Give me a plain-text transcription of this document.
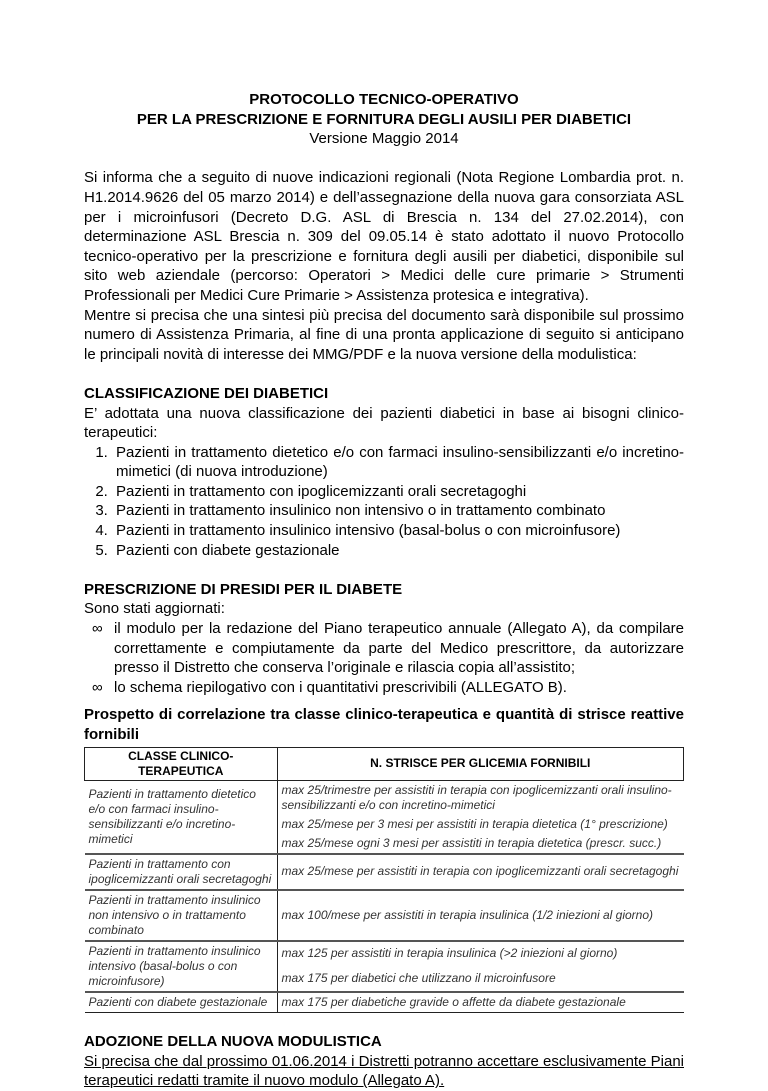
PROTOCOLLO TECNICO-OPERATIVO
PER LA PRESCRIZIONE E FORNITURA DEGLI AUSILI PER DIABETICI
Versione Maggio 2014

Si informa che a seguito di nuove indicazioni regionali (Nota Regione Lombardia prot. n. H1.2014.9626 del 05 marzo 2014) e dell’assegnazione della nuova gara consorziata ASL per i microinfusori (Decreto D.G. ASL di Brescia n. 134 del 27.02.2014), con determinazione ASL Brescia n. 309 del 09.05.14 è stato adottato il nuovo Protocollo tecnico-operativo per la prescrizione e fornitura degli ausili per diabetici, disponibile sul sito web aziendale (percorso: Operatori > Medici delle cure primarie > Strumenti Professionali per Medici Cure Primarie > Assistenza protesica e integrativa).

Mentre si precisa che una sintesi più precisa del documento sarà disponibile sul prossimo numero di Assistenza Primaria, al fine di una pronta applicazione di seguito si anticipano le principali novità di interesse dei MMG/PDF e la nuova versione della modulistica:

CLASSIFICAZIONE DEI DIABETICI

E’ adottata una nuova classificazione dei pazienti diabetici in base ai bisogni clinico-terapeutici:

1. Pazienti in trattamento dietetico e/o con farmaci insulino-sensibilizzanti e/o incretino-mimetici (di nuova introduzione)
2. Pazienti in trattamento con ipoglicemizzanti orali secretagoghi
3. Pazienti in trattamento insulinico non intensivo o in trattamento combinato
4. Pazienti in trattamento insulinico intensivo (basal-bolus o con microinfusore)
5. Pazienti con diabete gestazionale
PRESCRIZIONE DI PRESIDI PER IL DIABETE

Sono stati aggiornati:

∞ il modulo per la redazione del Piano terapeutico annuale (Allegato A), da compilare correttamente e compiutamente da parte del Medico prescrittore, da autorizzare presso il Distretto che conserva l’originale e rilascia copia all’assistito;
∞ lo schema riepilogativo con i quantitativi prescrivibili (ALLEGATO B).

Prospetto di correlazione tra classe clinico-terapeutica e quantità di strisce reattive fornibili

CLASSE CLINICO-TERAPEUTICA	N. STRISCE PER GLICEMIA FORNIBILI
Pazienti in trattamento dietetico e/o con farmaci insulino-sensibilizzanti e/o incretino-mimetici	max 25/trimestre per assistiti in terapia con ipoglicemizzanti orali insulino-sensibilizzanti e/o con incretino-mimetici
	max 25/mese per 3 mesi per assistiti in terapia dietetica (1° prescrizione)
	max 25/mese ogni 3 mesi per assistiti in terapia dietetica (prescr. succ.)
Pazienti in trattamento con ipoglicemizzanti orali secretagoghi	max 25/mese per assistiti in terapia con ipoglicemizzanti orali secretagoghi
Pazienti in trattamento insulinico non intensivo o in trattamento combinato	max 100/mese per assistiti in terapia insulinica (1/2 iniezioni al giorno)
Pazienti in trattamento insulinico intensivo (basal-bolus o con microinfusore)	max 125 per assistiti in terapia insulinica (>2 iniezioni al giorno)
	max 175 per diabetici che utilizzano il microinfusore
Pazienti con diabete gestazionale	max 175 per diabetiche gravide o affette da diabete gestazionale
ADOZIONE DELLA NUOVA MODULISTICA

Si precisa che dal prossimo 01.06.2014 i Distretti potranno accettare esclusivamente Piani terapeutici redatti tramite il nuovo modulo (Allegato A).
